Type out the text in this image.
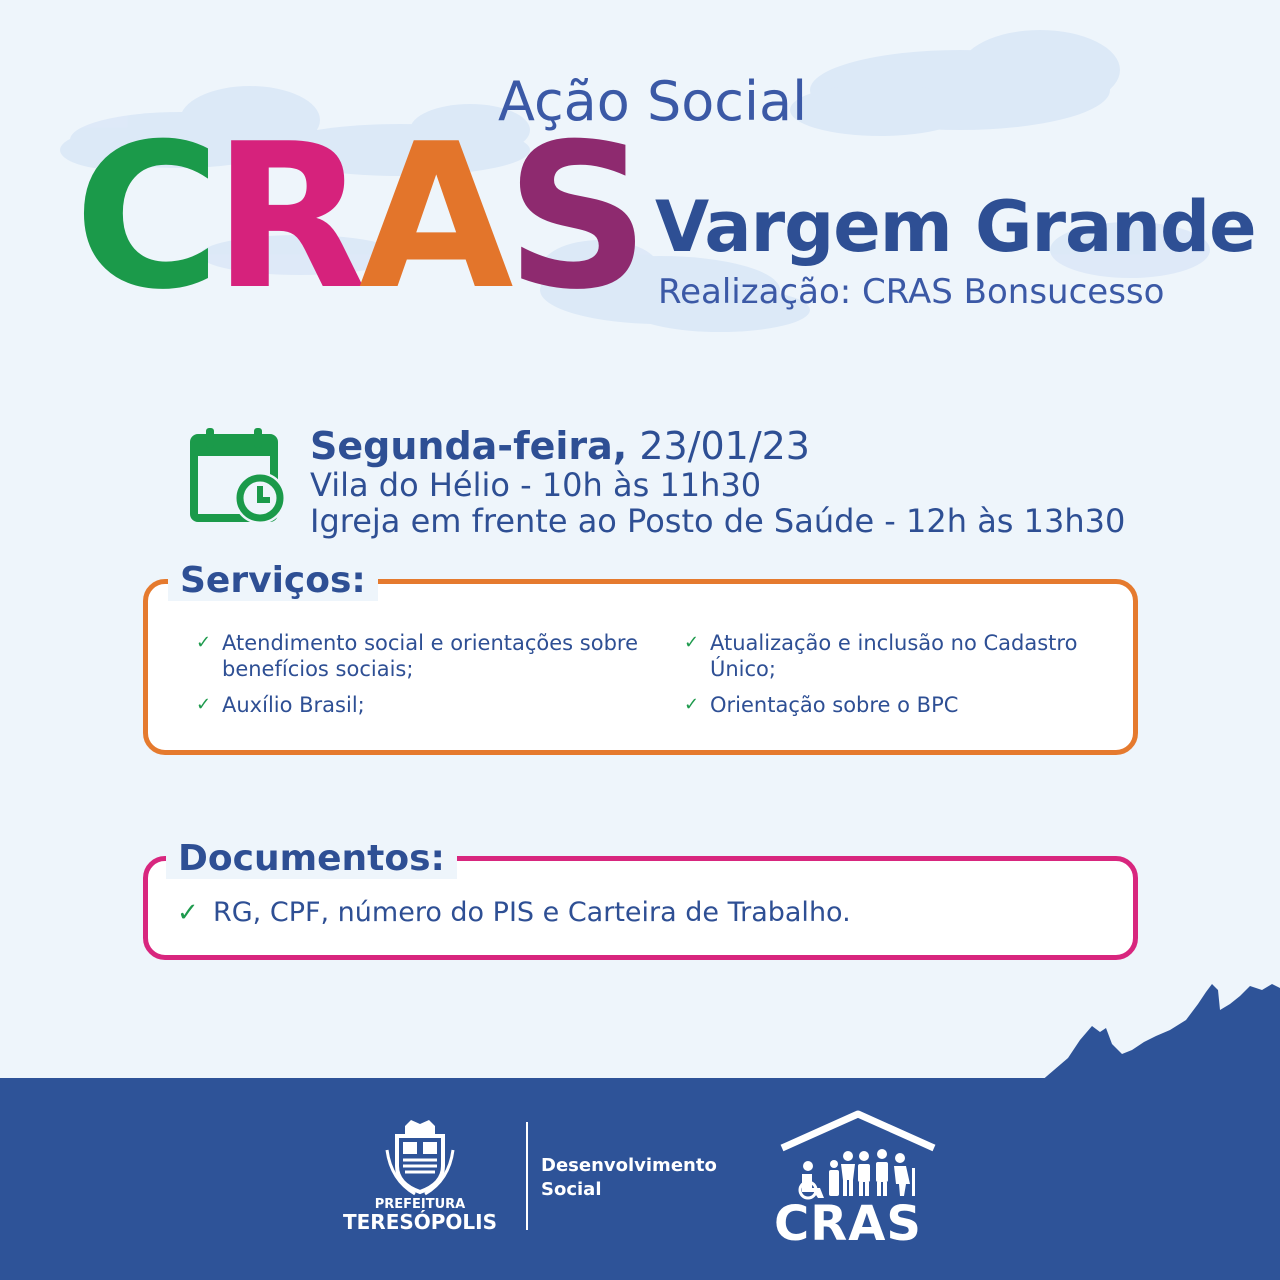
Ação Social
CRAS Vargem Grande
Realização: CRAS Bonsucesso
Segunda-feira, 23/01/23
Vila do Hélio - 10h às 11h30
Igreja em frente ao Posto de Saúde - 12h às 13h30
Serviços:
✓ Atendimento social e orientações sobre benefícios sociais;
✓ Auxílio Brasil;
✓ Atualização e inclusão no Cadastro Único;
✓ Orientação sobre o BPC
Documentos:
✓ RG, CPF, número do PIS e Carteira de Trabalho.
PREFEITURA
TERESÓPOLIS
Desenvolvimento
Social
CRAS
